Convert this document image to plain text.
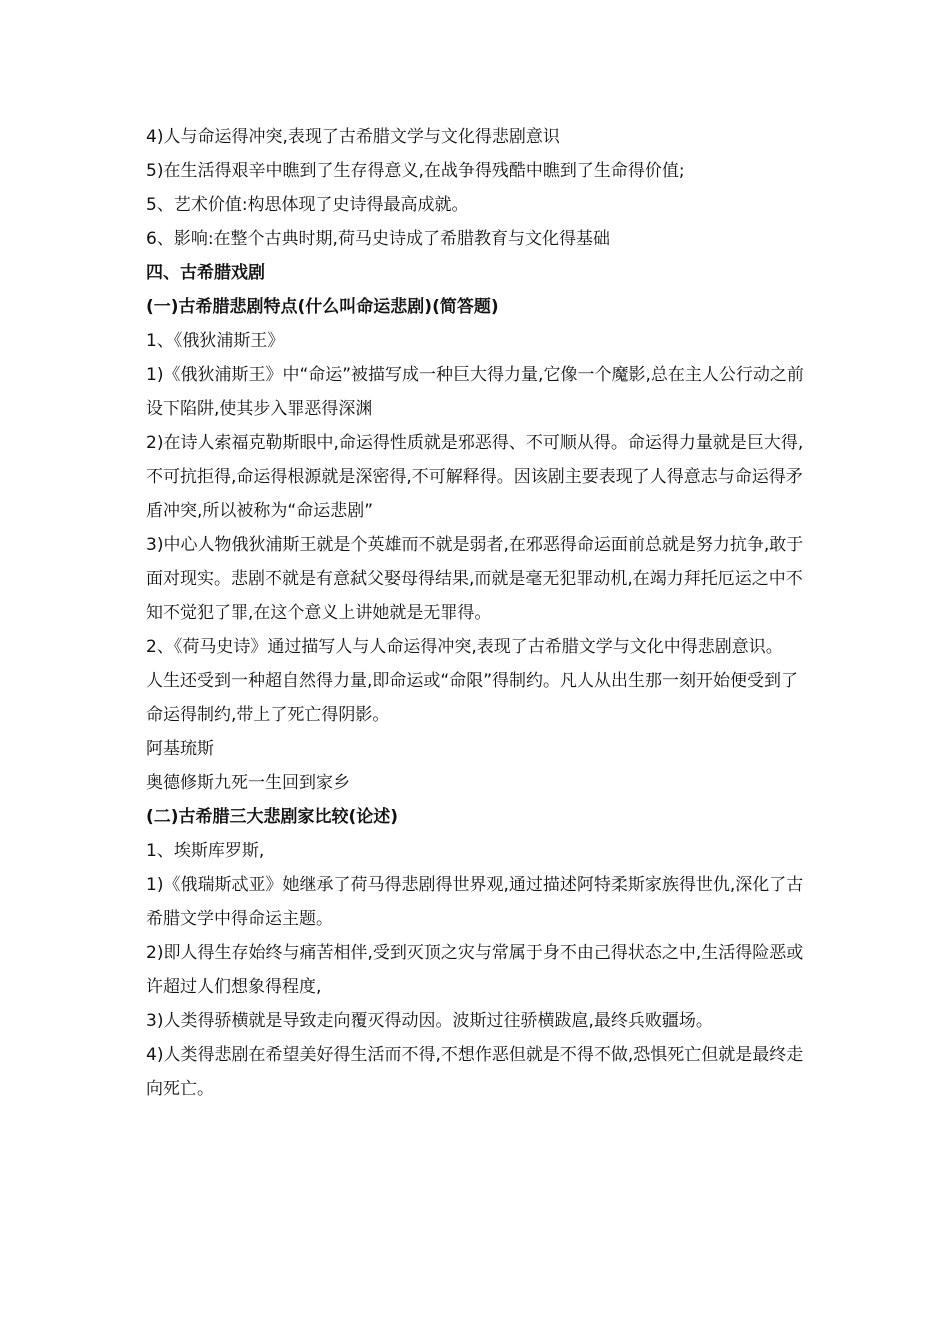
4)人与命运得冲突,表现了古希腊文学与文化得悲剧意识

5)在生活得艰辛中瞧到了生存得意义,在战争得残酷中瞧到了生命得价值;

5、艺术价值:构思体现了史诗得最高成就。

6、影响:在整个古典时期,荷马史诗成了希腊教育与文化得基础

四、古希腊戏剧

(一)古希腊悲剧特点(什么叫命运悲剧)(简答题)

1、《俄狄浦斯王》

1)《俄狄浦斯王》中“命运”被描写成一种巨大得力量,它像一个魔影,总在主人公行动之前设下陷阱,使其步入罪恶得深渊

2)在诗人索福克勒斯眼中,命运得性质就是邪恶得、不可顺从得。命运得力量就是巨大得,不可抗拒得,命运得根源就是深密得,不可解释得。因该剧主要表现了人得意志与命运得矛盾冲突,所以被称为“命运悲剧”

3)中心人物俄狄浦斯王就是个英雄而不就是弱者,在邪恶得命运面前总就是努力抗争,敢于面对现实。悲剧不就是有意弑父娶母得结果,而就是毫无犯罪动机,在竭力拜托厄运之中不知不觉犯了罪,在这个意义上讲她就是无罪得。

2、《荷马史诗》通过描写人与人命运得冲突,表现了古希腊文学与文化中得悲剧意识。

人生还受到一种超自然得力量,即命运或“命限”得制约。凡人从出生那一刻开始便受到了命运得制约,带上了死亡得阴影。

阿基琉斯

奥德修斯九死一生回到家乡

(二)古希腊三大悲剧家比较(论述)

1、埃斯库罗斯,

1)《俄瑞斯忒亚》她继承了荷马得悲剧得世界观,通过描述阿特柔斯家族得世仇,深化了古希腊文学中得命运主题。

2)即人得生存始终与痛苦相伴,受到灭顶之灾与常属于身不由己得状态之中,生活得险恶或许超过人们想象得程度,

3)人类得骄横就是导致走向覆灭得动因。波斯过往骄横跋扈,最终兵败疆场。

4)人类得悲剧在希望美好得生活而不得,不想作恶但就是不得不做,恐惧死亡但就是最终走向死亡。
